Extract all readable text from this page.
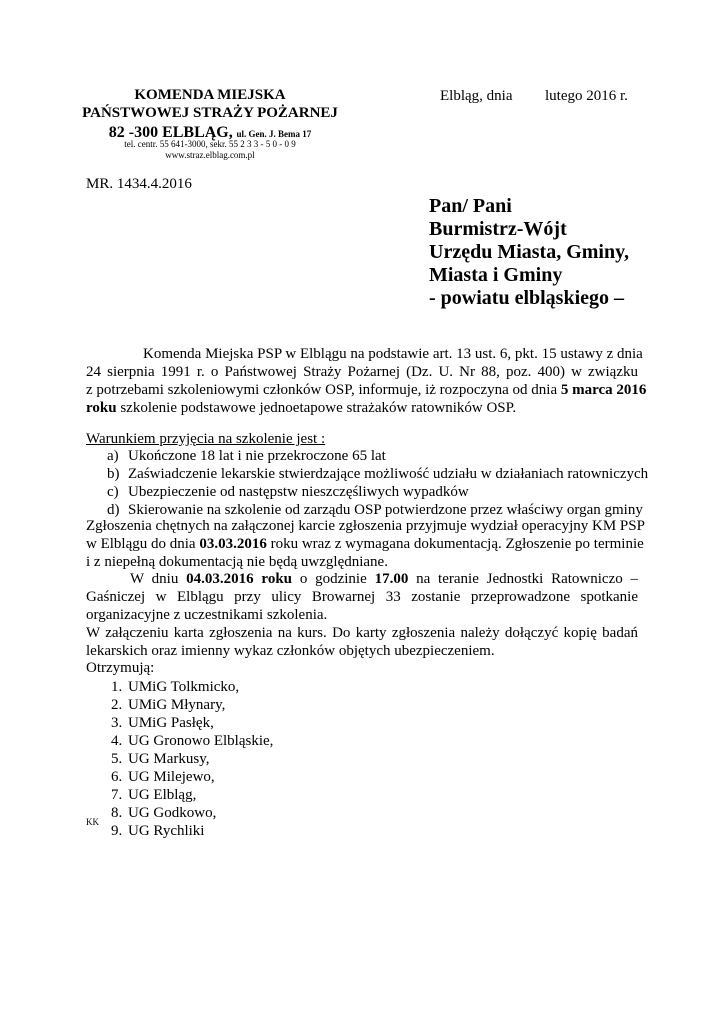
KOMENDA MIEJSKA
PAŃSTWOWEJ STRAŻY POŻARNEJ
82 -300 ELBLĄG, ul. Gen. J. Bema 17
tel. centr. 55 641-3000, sekr. 55 2 3 3 - 5 0 - 0 9
www.straz.elblag.com.pl
Elbląg, dnia lutego 2016 r.
MR. 1434.4.2016
Pan/ Pani
Burmistrz-Wójt
Urzędu Miasta, Gminy,
Miasta i Gminy
- powiatu elbląskiego –
Komenda Miejska PSP w Elblągu na podstawie art. 13 ust. 6, pkt. 15 ustawy z dnia
24 sierpnia 1991 r. o Państwowej Straży Pożarnej (Dz. U. Nr 88, poz. 400) w związku
z potrzebami szkoleniowymi członków OSP, informuje, iż rozpoczyna od dnia 5 marca 2016
roku szkolenie podstawowe jednoetapowe strażaków ratowników OSP.
Warunkiem przyjęcia na szkolenie jest :
a) Ukończone 18 lat i nie przekroczone 65 lat
b) Zaświadczenie lekarskie stwierdzające możliwość udziału w działaniach ratowniczych
c) Ubezpieczenie od następstw nieszczęśliwych wypadków
d) Skierowanie na szkolenie od zarządu OSP potwierdzone przez właściwy organ gminy
Zgłoszenia chętnych na załączonej karcie zgłoszenia przyjmuje wydział operacyjny KM PSP
w Elblągu do dnia 03.03.2016 roku wraz z wymagana dokumentacją. Zgłoszenie po terminie
i z niepełną dokumentacją nie będą uwzględniane.
W dniu 04.03.2016 roku o godzinie 17.00 na teranie Jednostki Ratowniczo –
Gaśniczej w Elblągu przy ulicy Browarnej 33 zostanie przeprowadzone spotkanie
organizacyjne z uczestnikami szkolenia.
W załączeniu karta zgłoszenia na kurs. Do karty zgłoszenia należy dołączyć kopię badań
lekarskich oraz imienny wykaz członków objętych ubezpieczeniem.
Otrzymują:
1. UMiG Tolkmicko,
2. UMiG Młynary,
3. UMiG Pasłęk,
4. UG Gronowo Elbląskie,
5. UG Markusy,
6. UG Milejewo,
7. UG Elbląg,
8. UG Godkowo,
9. UG Rychliki
KK
